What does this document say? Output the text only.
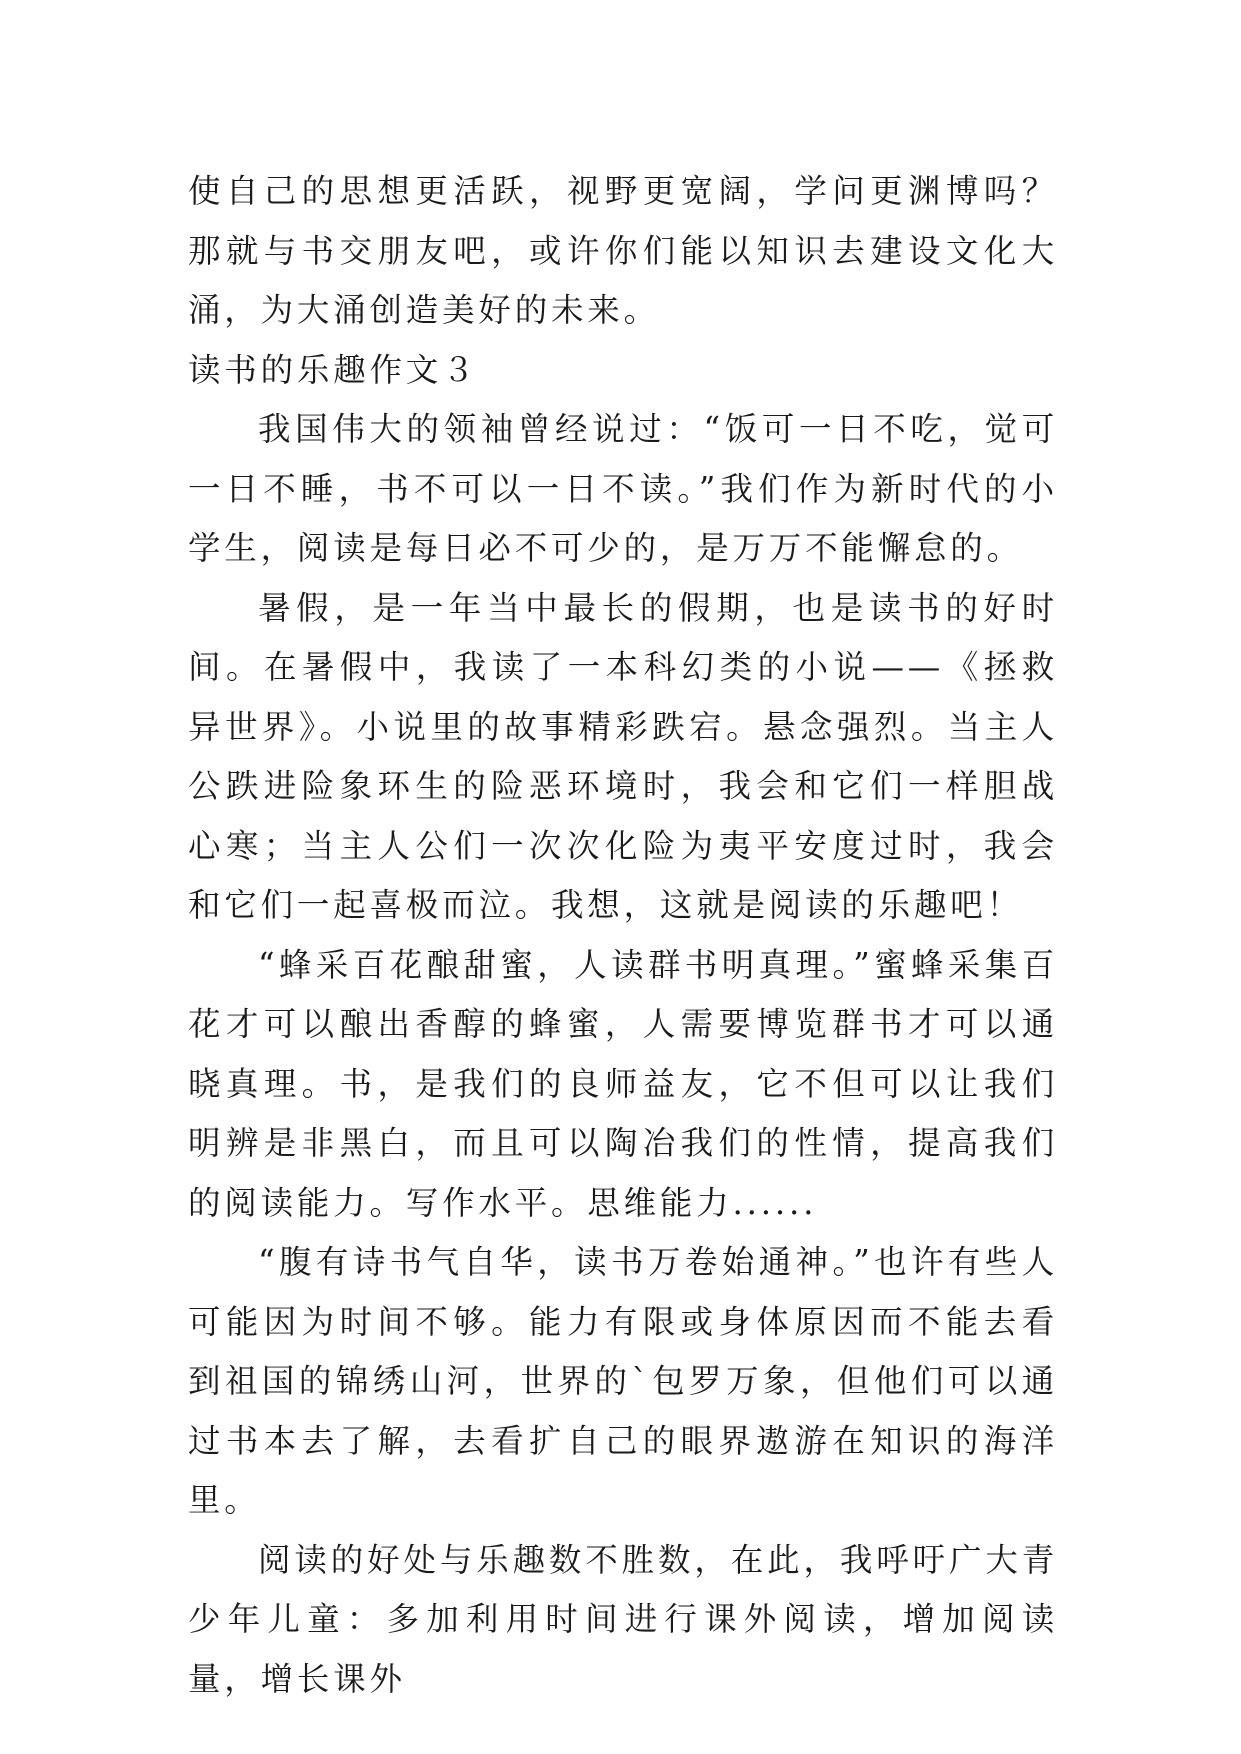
使自己的思想更活跃，视野更宽阔，学问更渊博吗？那就与书交朋友吧，或许你们能以知识去建设文化大涌，为大涌创造美好的未来。

读书的乐趣作文３

我国伟大的领袖曾经说过：“饭可一日不吃，觉可一日不睡，书不可以一日不读。”我们作为新时代的小学生，阅读是每日必不可少的，是万万不能懈怠的。

暑假，是一年当中最长的假期，也是读书的好时间。在暑假中，我读了一本科幻类的小说——《拯救异世界》。小说里的故事精彩跌宕。悬念强烈。当主人公跌进险象环生的险恶环境时，我会和它们一样胆战心寒；当主人公们一次次化险为夷平安度过时，我会和它们一起喜极而泣。我想，这就是阅读的乐趣吧！

“蜂采百花酿甜蜜，人读群书明真理。”蜜蜂采集百花才可以酿出香醇的蜂蜜，人需要博览群书才可以通晓真理。书，是我们的良师益友，它不但可以让我们明辨是非黑白，而且可以陶冶我们的性情，提高我们的阅读能力。写作水平。思维能力......

“腹有诗书气自华，读书万卷始通神。”也许有些人可能因为时间不够。能力有限或身体原因而不能去看到祖国的锦绣山河，世界的`包罗万象，但他们可以通过书本去了解，去看扩自己的眼界遨游在知识的海洋里。

阅读的好处与乐趣数不胜数，在此，我呼吁广大青少年儿童：多加利用时间进行课外阅读，增加阅读量，增长课外
